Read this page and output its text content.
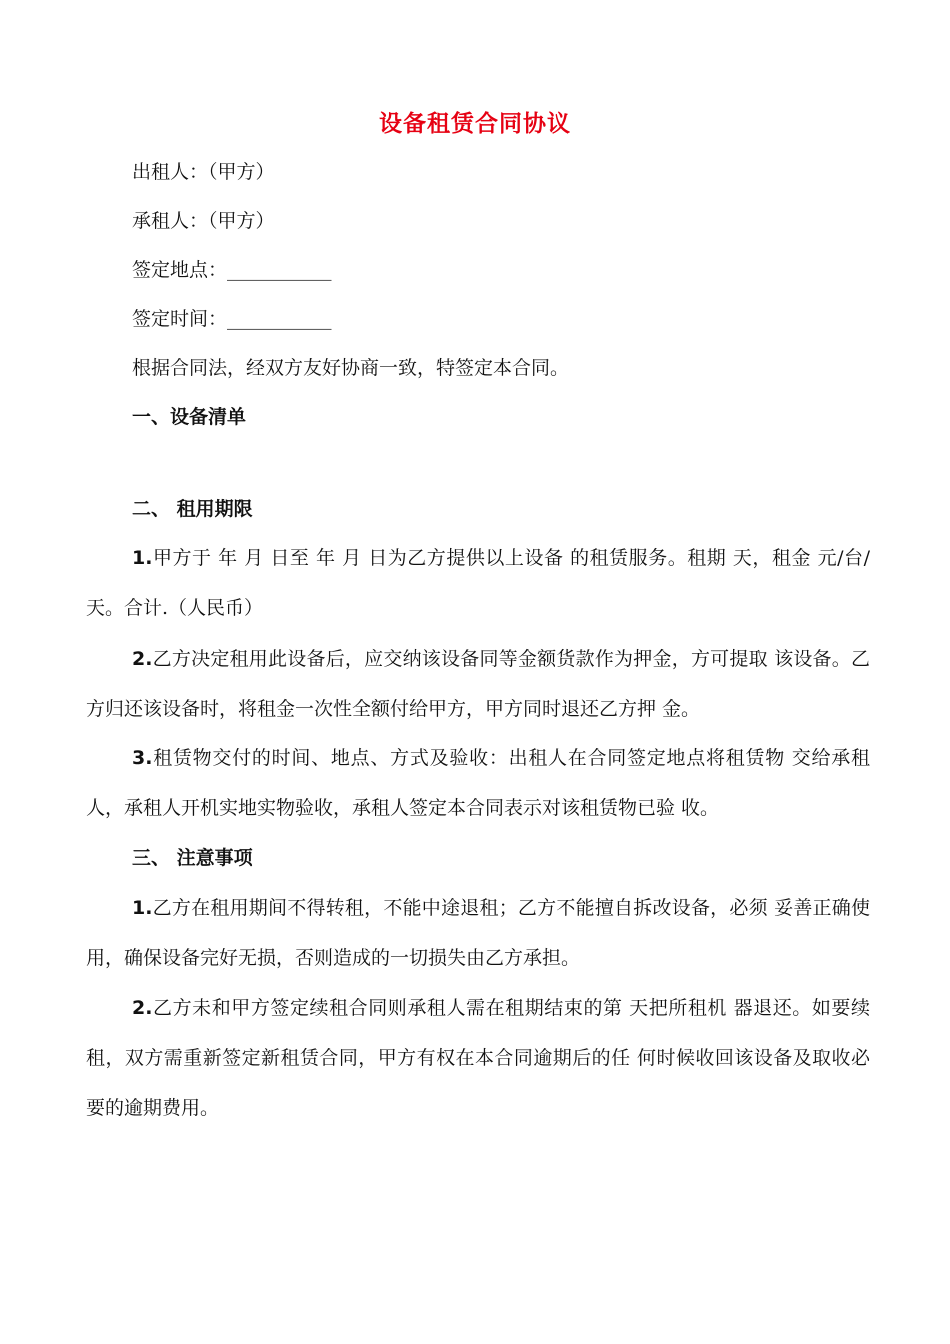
设备租赁合同协议
出租人：（甲方）
承租人：（甲方）
签定地点：___________
签定时间：___________
根据合同法，经双方友好协商一致，特签定本合同。
一、设备清单
二、 租用期限
1.甲方于 年 月 日至 年 月 日为乙方提供以上设备 的租赁服务。租期 天，租金 元/台/天。合计.（人民币）
2.乙方决定租用此设备后，应交纳该设备同等金额货款作为押金，方可提取 该设备。乙方归还该设备时，将租金一次性全额付给甲方，甲方同时退还乙方押 金。
3.租赁物交付的时间、地点、方式及验收：出租人在合同签定地点将租赁物 交给承租人，承租人开机实地实物验收，承租人签定本合同表示对该租赁物已验 收。
三、 注意事项
1.乙方在租用期间不得转租，不能中途退租；乙方不能擅自拆改设备，必须 妥善正确使用，确保设备完好无损，否则造成的一切损失由乙方承担。
2.乙方未和甲方签定续租合同则承租人需在租期结束的第 天把所租机 器退还。如要续租，双方需重新签定新租赁合同，甲方有权在本合同逾期后的任 何时候收回该设备及取收必要的逾期费用。
